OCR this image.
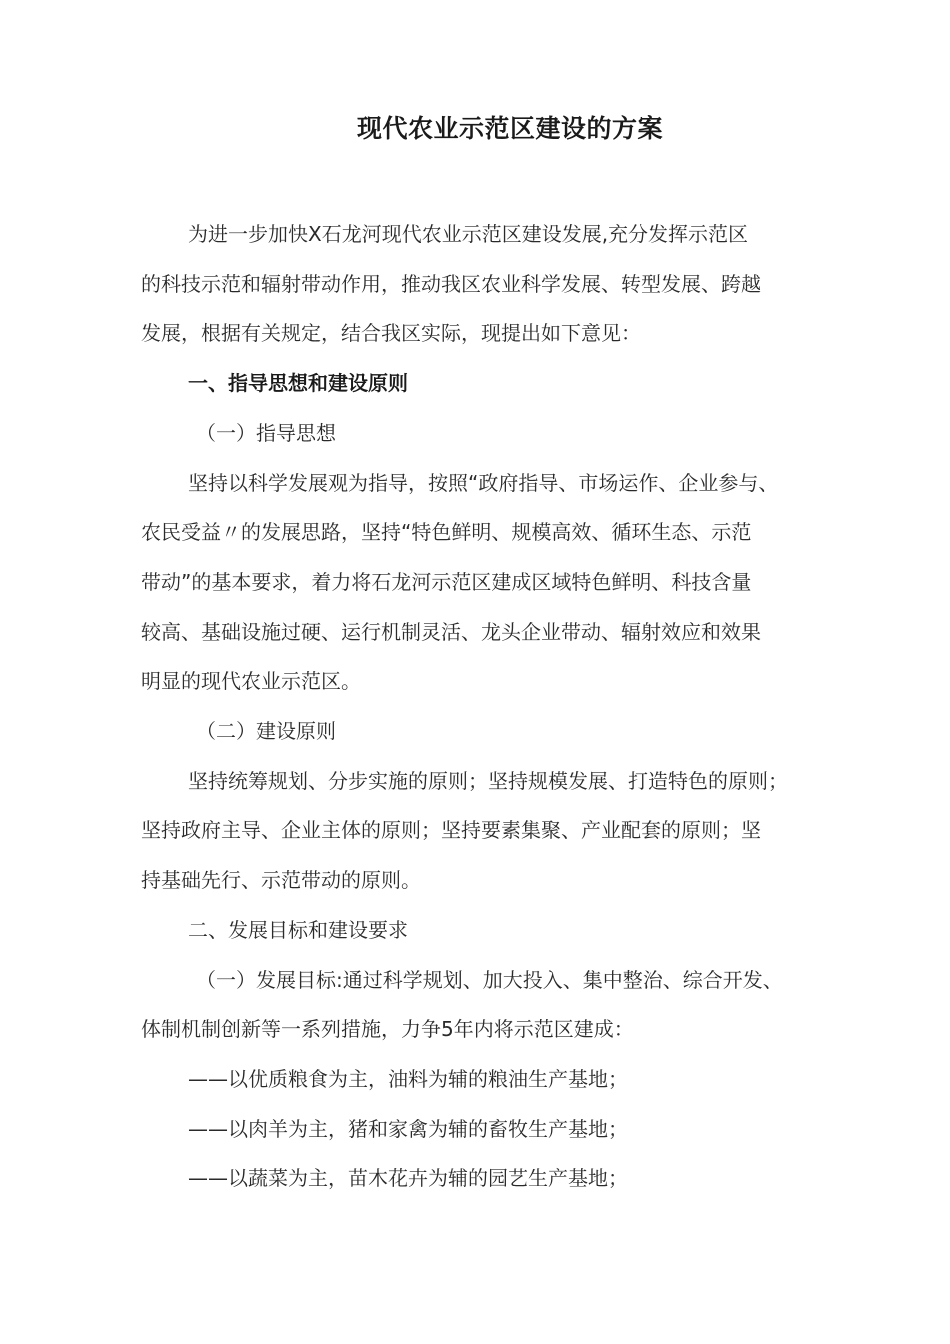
现代农业示范区建设的方案

为进一步加快X石龙河现代农业示范区建设发展,充分发挥示范区

的科技示范和辐射带动作用，推动我区农业科学发展、转型发展、跨越

发展，根据有关规定，结合我区实际，现提出如下意见：

一、指导思想和建设原则

（一）指导思想

坚持以科学发展观为指导，按照“政府指导、市场运作、企业参与、

农民受益〃的发展思路，坚持“特色鲜明、规模高效、循环生态、示范

带动”的基本要求，着力将石龙河示范区建成区域特色鲜明、科技含量

较高、基础设施过硬、运行机制灵活、龙头企业带动、辐射效应和效果

明显的现代农业示范区。

（二）建设原则

坚持统筹规划、分步实施的原则；坚持规模发展、打造特色的原则；

坚持政府主导、企业主体的原则；坚持要素集聚、产业配套的原则；坚

持基础先行、示范带动的原则。

二、发展目标和建设要求

（一）发展目标:通过科学规划、加大投入、集中整治、综合开发、

体制机制创新等一系列措施，力争5年内将示范区建成：

——以优质粮食为主，油料为辅的粮油生产基地；

——以肉羊为主，猪和家禽为辅的畜牧生产基地；

——以蔬菜为主，苗木花卉为辅的园艺生产基地；
